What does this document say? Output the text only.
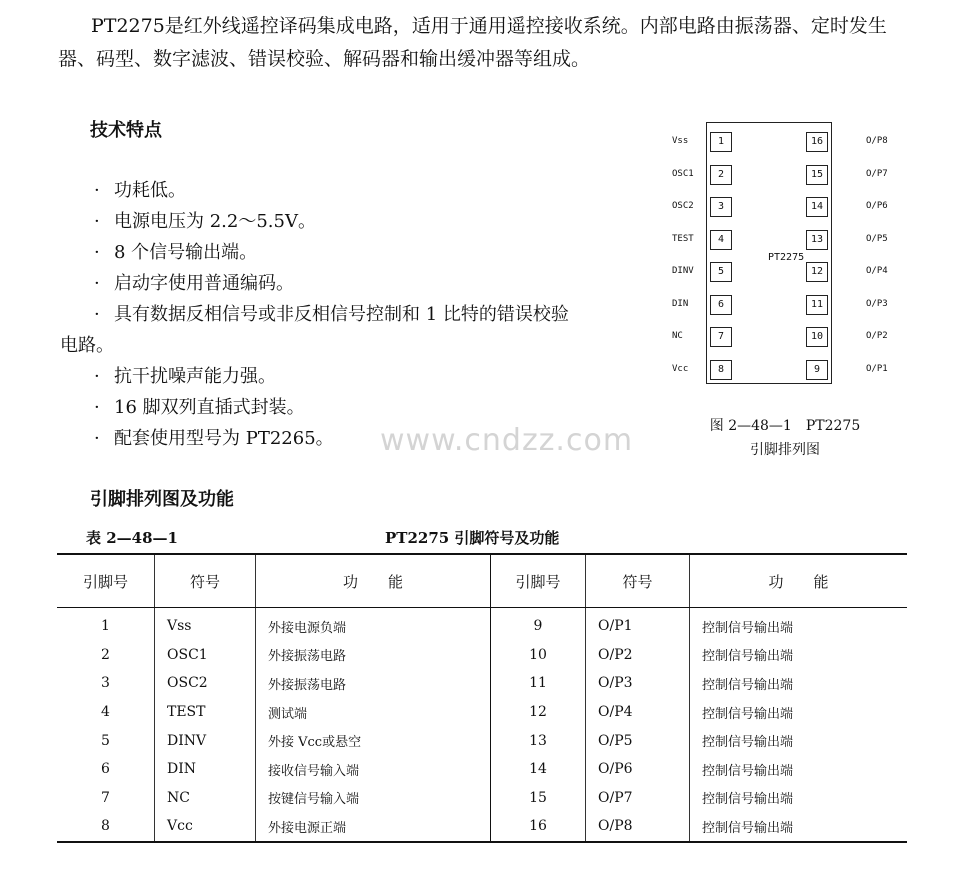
PT2275是红外线遥控译码集成电路，适用于通用遥控接收系统。内部电路由振荡器、定时发生器、码型、数字滤波、错误校验、解码器和输出缓冲器等组成。

技术特点
· 功耗低。
· 电源电压为 2.2～5.5V。
· 8 个信号输出端。
· 启动字使用普通编码。
· 具有数据反相信号或非反相信号控制和 1 比特的错误校验
电路。
· 抗干扰噪声能力强。
· 16 脚双列直插式封装。
· 配套使用型号为 PT2265。
PT2275
1
Vss
2
OSC1
3
OSC2
4
TEST
5
DINV
6
DIN
7
NC
8
Vcc
16	O/P8
15	O/P7
14	O/P6
13	O/P5
12	O/P4
11	O/P3
10	O/P2
9	O/P1
图 2—48—1　PT2275
引脚排列图
www.cndzz.com
引脚排列图及功能
表 2—48—1	PT2275 引脚符号及功能
引脚号	符号	功　　能	引脚号	符号	功　　能
1	Vss	外接电源负端	9	O/P1	控制信号输出端
2	OSC1	外接振荡电路	10	O/P2	控制信号输出端
3	OSC2	外接振荡电路	11	O/P3	控制信号输出端
4	TEST	测试端	12	O/P4	控制信号输出端
5	DINV	外接 Vcc或悬空	13	O/P5	控制信号输出端
6	DIN	接收信号输入端	14	O/P6	控制信号输出端
7	NC	按键信号输入端	15	O/P7	控制信号输出端
8	Vcc	外接电源正端	16	O/P8	控制信号输出端
